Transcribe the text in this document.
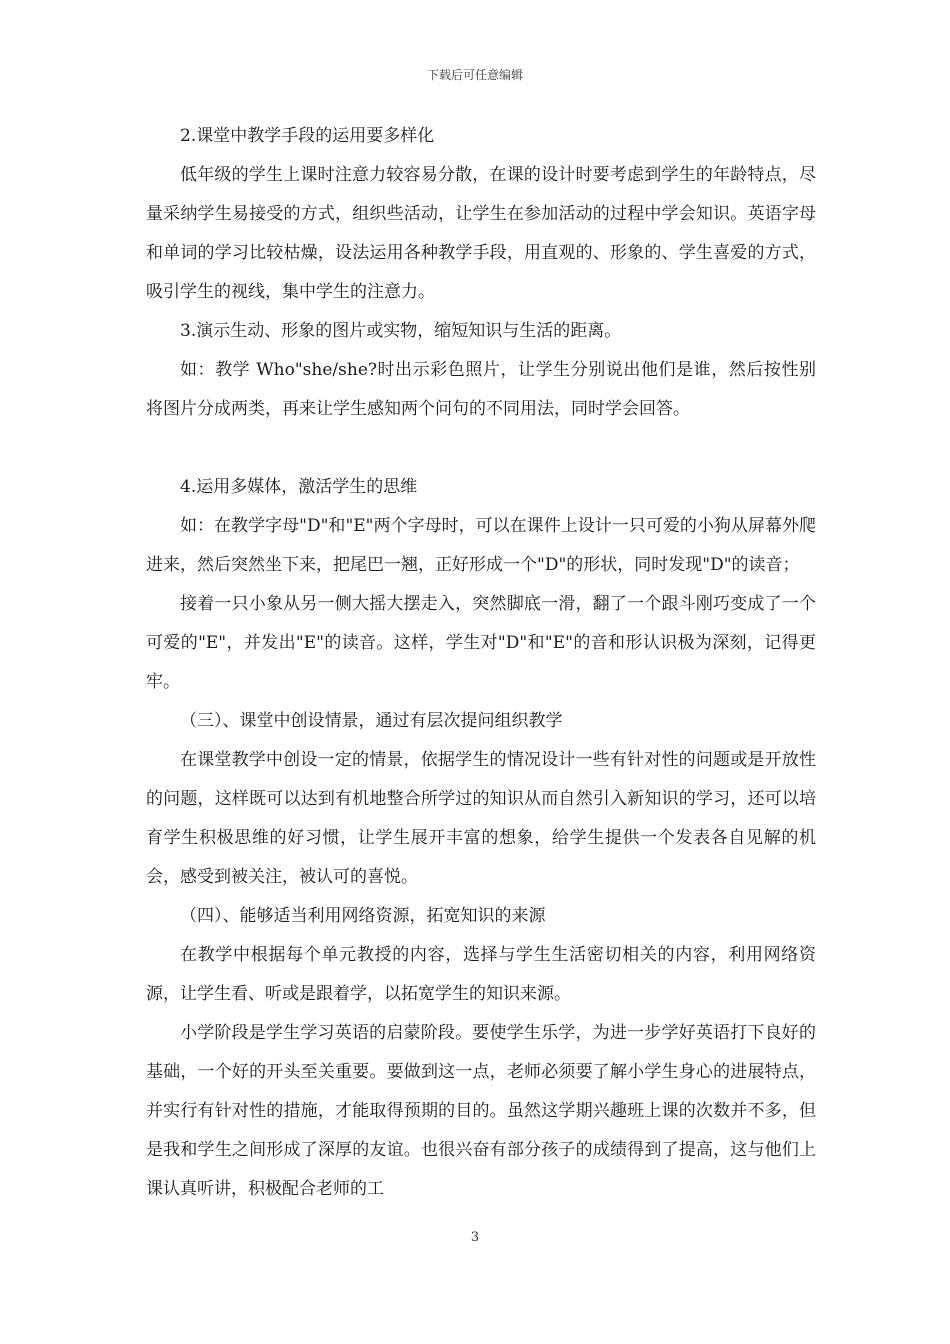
下载后可任意编辑

2.课堂中教学手段的运用要多样化

低年级的学生上课时注意力较容易分散，在课的设计时要考虑到学生的年龄特点，尽量采纳学生易接受的方式，组织些活动，让学生在参加活动的过程中学会知识。英语字母和单词的学习比较枯燥，设法运用各种教学手段，用直观的、形象的、学生喜爱的方式，吸引学生的视线，集中学生的注意力。

3.演示生动、形象的图片或实物，缩短知识与生活的距离。

如：教学 Who"she/she?时出示彩色照片，让学生分别说出他们是谁，然后按性别将图片分成两类，再来让学生感知两个问句的不同用法，同时学会回答。

4.运用多媒体，激活学生的思维

如：在教学字母"D"和"E"两个字母时，可以在课件上设计一只可爱的小狗从屏幕外爬进来，然后突然坐下来，把尾巴一翘，正好形成一个"D"的形状，同时发现"D"的读音；

接着一只小象从另一侧大摇大摆走入，突然脚底一滑，翻了一个跟斗刚巧变成了一个可爱的"E"，并发出"E"的读音。这样，学生对"D"和"E"的音和形认识极为深刻，记得更牢。

（三）、课堂中创设情景，通过有层次提问组织教学

在课堂教学中创设一定的情景，依据学生的情况设计一些有针对性的问题或是开放性的问题，这样既可以达到有机地整合所学过的知识从而自然引入新知识的学习，还可以培育学生积极思维的好习惯，让学生展开丰富的想象，给学生提供一个发表各自见解的机会，感受到被关注，被认可的喜悦。

（四）、能够适当利用网络资源，拓宽知识的来源

在教学中根据每个单元教授的内容，选择与学生生活密切相关的内容，利用网络资源，让学生看、听或是跟着学，以拓宽学生的知识来源。

小学阶段是学生学习英语的启蒙阶段。要使学生乐学，为进一步学好英语打下良好的基础，一个好的开头至关重要。要做到这一点，老师必须要了解小学生身心的进展特点，并实行有针对性的措施，才能取得预期的目的。虽然这学期兴趣班上课的次数并不多，但是我和学生之间形成了深厚的友谊。也很兴奋有部分孩子的成绩得到了提高，这与他们上课认真听讲，积极配合老师的工

3
